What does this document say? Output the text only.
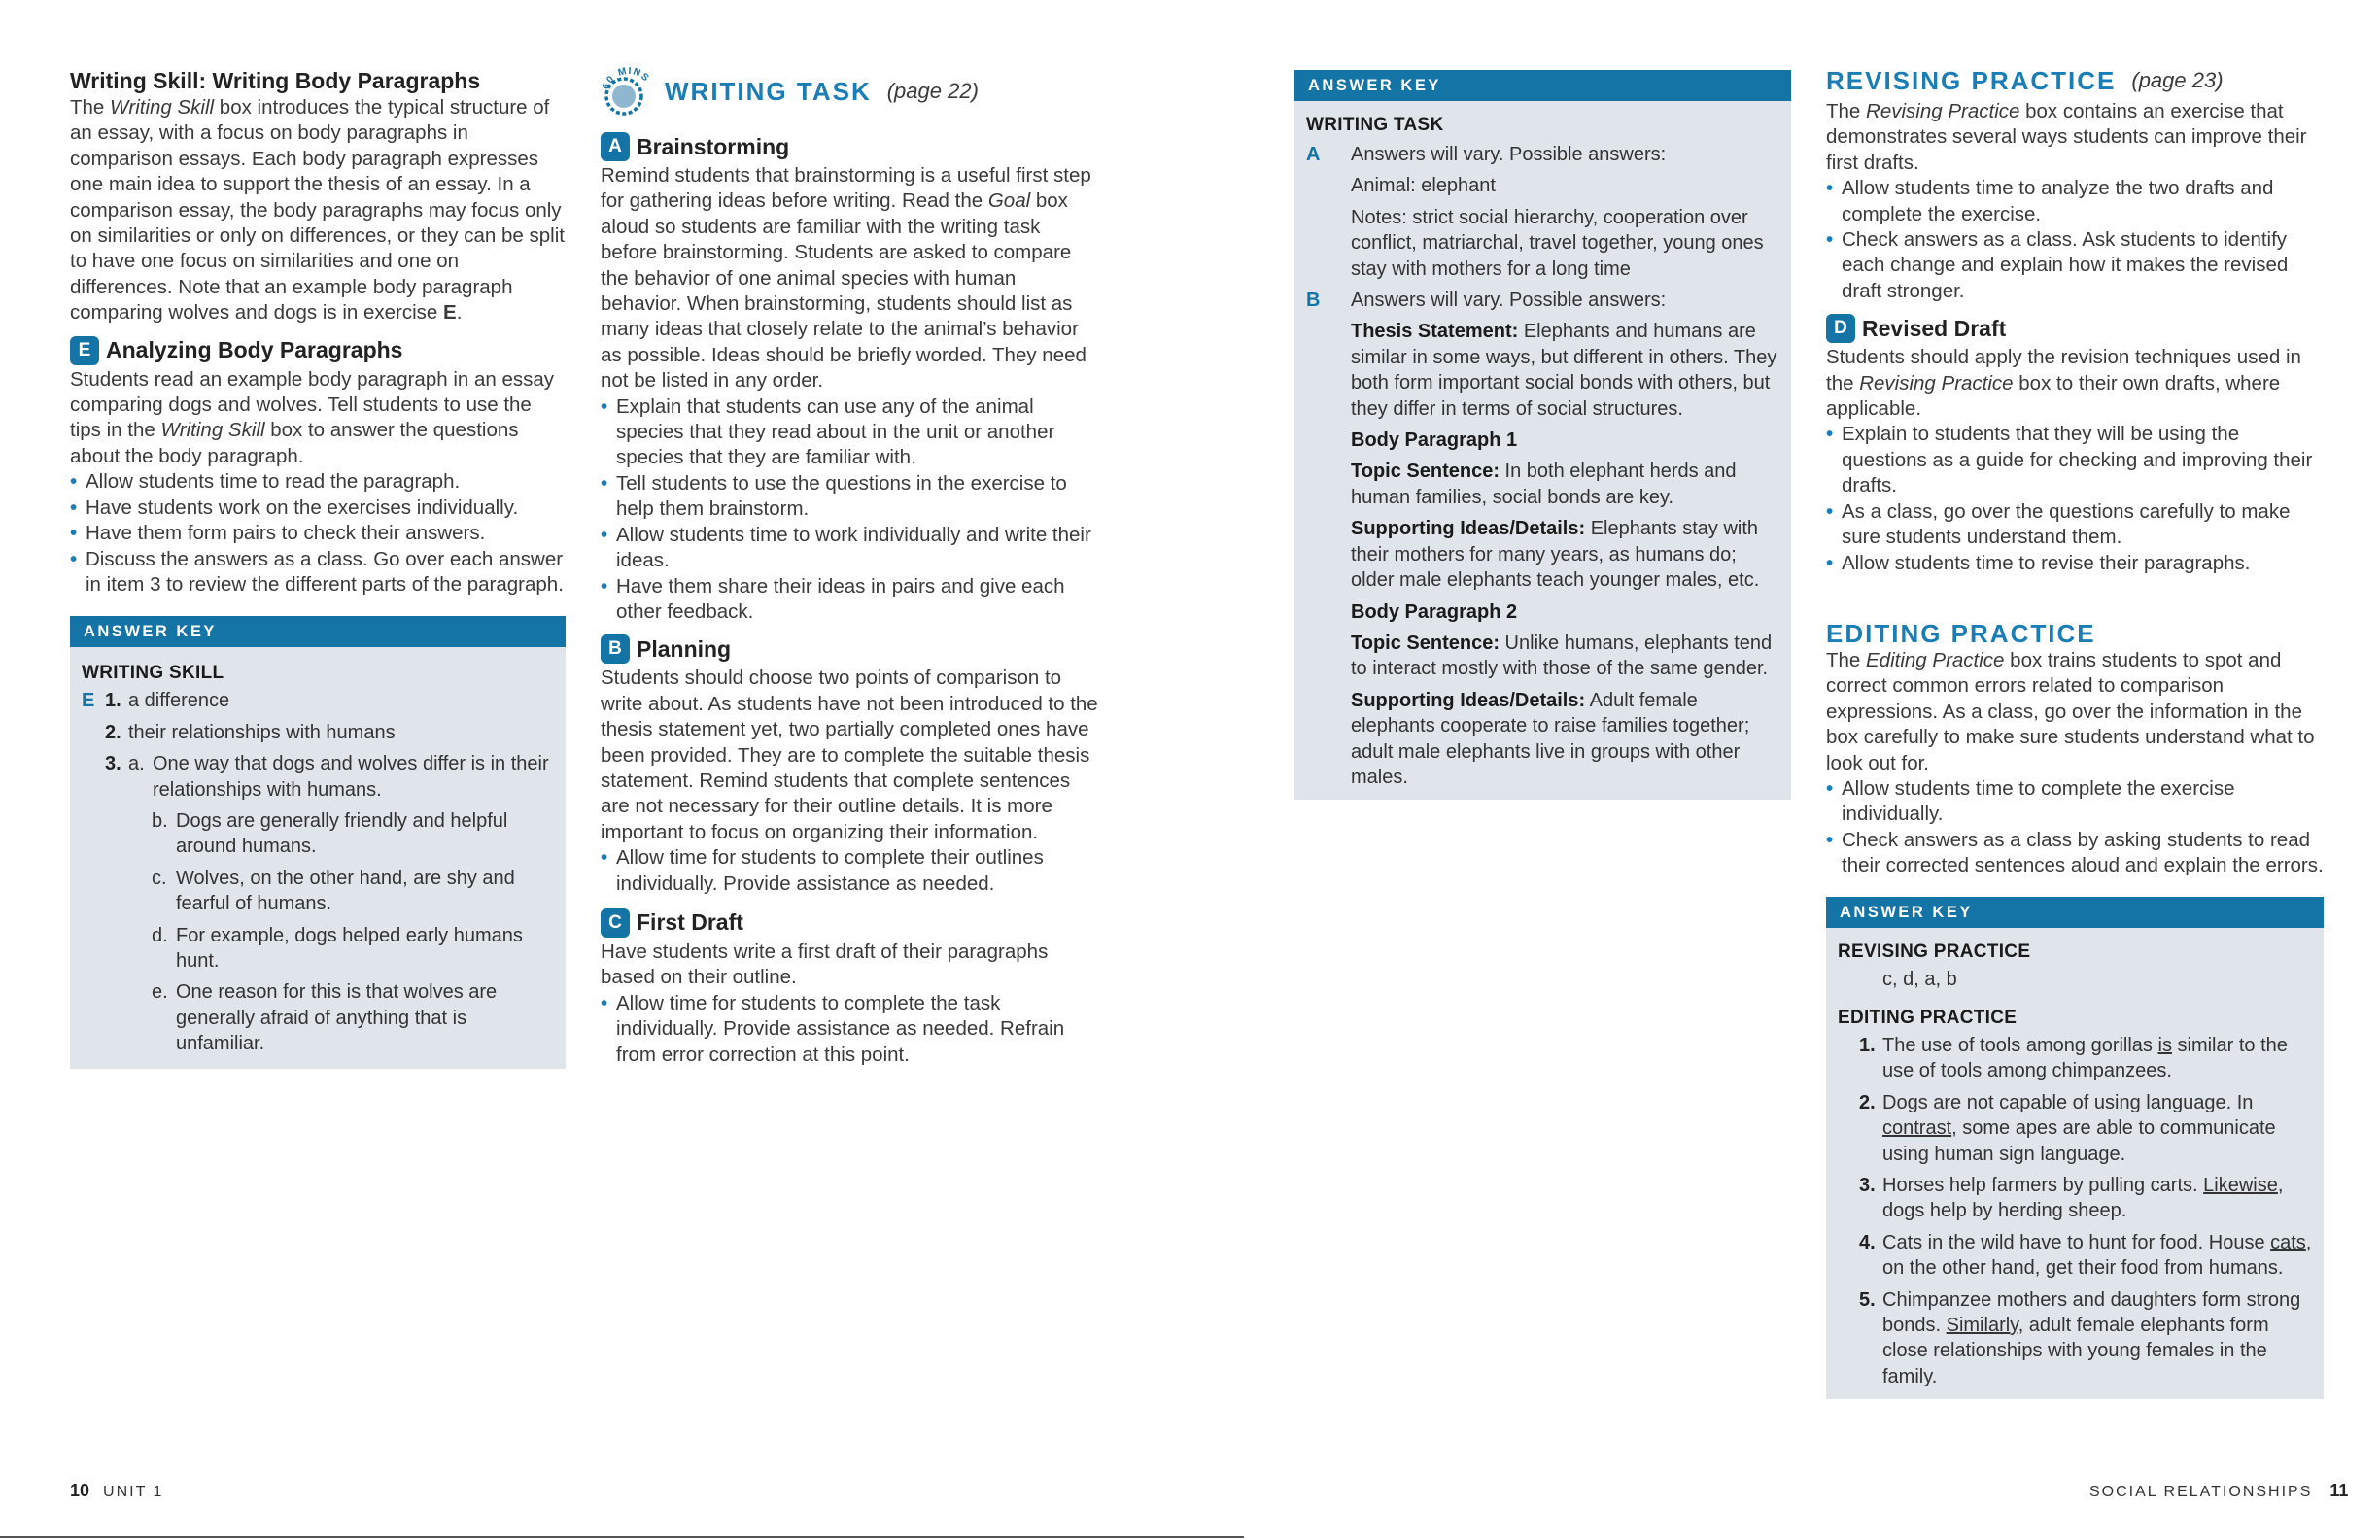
Writing Skill: Writing Body Paragraphs

The Writing Skill box introduces the typical structure of an essay, with a focus on body paragraphs in comparison essays. Each body paragraph expresses one main idea to support the thesis of an essay. In a comparison essay, the body paragraphs may focus only on similarities or only on differences, or they can be split to have one focus on similarities and one on differences. Note that an example body paragraph comparing wolves and dogs is in exercise E.

E Analyzing Body Paragraphs

Students read an example body paragraph in an essay comparing dogs and wolves. Tell students to use the tips in the Writing Skill box to answer the questions about the body paragraph.

• Allow students time to read the paragraph.
• Have students work on the exercises individually.
• Have them form pairs to check their answers.
• Discuss the answers as a class. Go over each answer in item 3 to review the different parts of the paragraph.
ANSWER KEY
WRITING SKILL
E 1. a difference
2. their relationships with humans
3. a. One way that dogs and wolves differ is in their relationships with humans.
b. Dogs are generally friendly and helpful around humans.
c. Wolves, on the other hand, are shy and fearful of humans.
d. For example, dogs helped early humans hunt.
e. One reason for this is that wolves are generally afraid of anything that is unfamiliar.
60 MINS WRITING TASK (page 22)
A Brainstorming

Remind students that brainstorming is a useful first step for gathering ideas before writing. Read the Goal box aloud so students are familiar with the writing task before brainstorming. Students are asked to compare the behavior of one animal species with human behavior. When brainstorming, students should list as many ideas that closely relate to the animal’s behavior as possible. Ideas should be briefly worded. They need not be listed in any order.

• Explain that students can use any of the animal species that they read about in the unit or another species that they are familiar with.
• Tell students to use the questions in the exercise to help them brainstorm.
• Allow students time to work individually and write their ideas.
• Have them share their ideas in pairs and give each other feedback.
B Planning

Students should choose two points of comparison to write about. As students have not been introduced to the thesis statement yet, two partially completed ones have been provided. They are to complete the suitable thesis statement. Remind students that complete sentences are not necessary for their outline details. It is more important to focus on organizing their information.

• Allow time for students to complete their outlines individually. Provide assistance as needed.
C First Draft

Have students write a first draft of their paragraphs based on their outline.

• Allow time for students to complete the task individually. Provide assistance as needed. Refrain from error correction at this point.
ANSWER KEY
WRITING TASK
A	Answers will vary. Possible answers:
Animal: elephant
Notes: strict social hierarchy, cooperation over conflict, matriarchal, travel together, young ones stay with mothers for a long time
B	Answers will vary. Possible answers:
Thesis Statement: Elephants and humans are similar in some ways, but different in others. They both form important social bonds with others, but they differ in terms of social structures.
Body Paragraph 1
Topic Sentence: In both elephant herds and human families, social bonds are key.
Supporting Ideas/Details: Elephants stay with their mothers for many years, as humans do; older male elephants teach younger males, etc.
Body Paragraph 2
Topic Sentence: Unlike humans, elephants tend to interact mostly with those of the same gender.
Supporting Ideas/Details: Adult female elephants cooperate to raise families together; adult male elephants live in groups with other males.
REVISING PRACTICE (page 23)

The Revising Practice box contains an exercise that demonstrates several ways students can improve their first drafts.

• Allow students time to analyze the two drafts and complete the exercise.
• Check answers as a class. Ask students to identify each change and explain how it makes the revised draft stronger.
D Revised Draft

Students should apply the revision techniques used in the Revising Practice box to their own drafts, where applicable.

• Explain to students that they will be using the questions as a guide for checking and improving their drafts.
• As a class, go over the questions carefully to make sure students understand them.
• Allow students time to revise their paragraphs.
EDITING PRACTICE

The Editing Practice box trains students to spot and correct common errors related to comparison expressions. As a class, go over the information in the box carefully to make sure students understand what to look out for.

• Allow students time to complete the exercise individually.
• Check answers as a class by asking students to read their corrected sentences aloud and explain the errors.
ANSWER KEY
REVISING PRACTICE
c, d, a, b
EDITING PRACTICE
1. The use of tools among gorillas is similar to the use of tools among chimpanzees.
2. Dogs are not capable of using language. In contrast, some apes are able to communicate using human sign language.
3. Horses help farmers by pulling carts. Likewise, dogs help by herding sheep.
4. Cats in the wild have to hunt for food. House cats, on the other hand, get their food from humans.
5. Chimpanzee mothers and daughters form strong bonds. Similarly, adult female elephants form close relationships with young females in the family.
10 UNIT 1	SOCIAL RELATIONSHIPS 11
